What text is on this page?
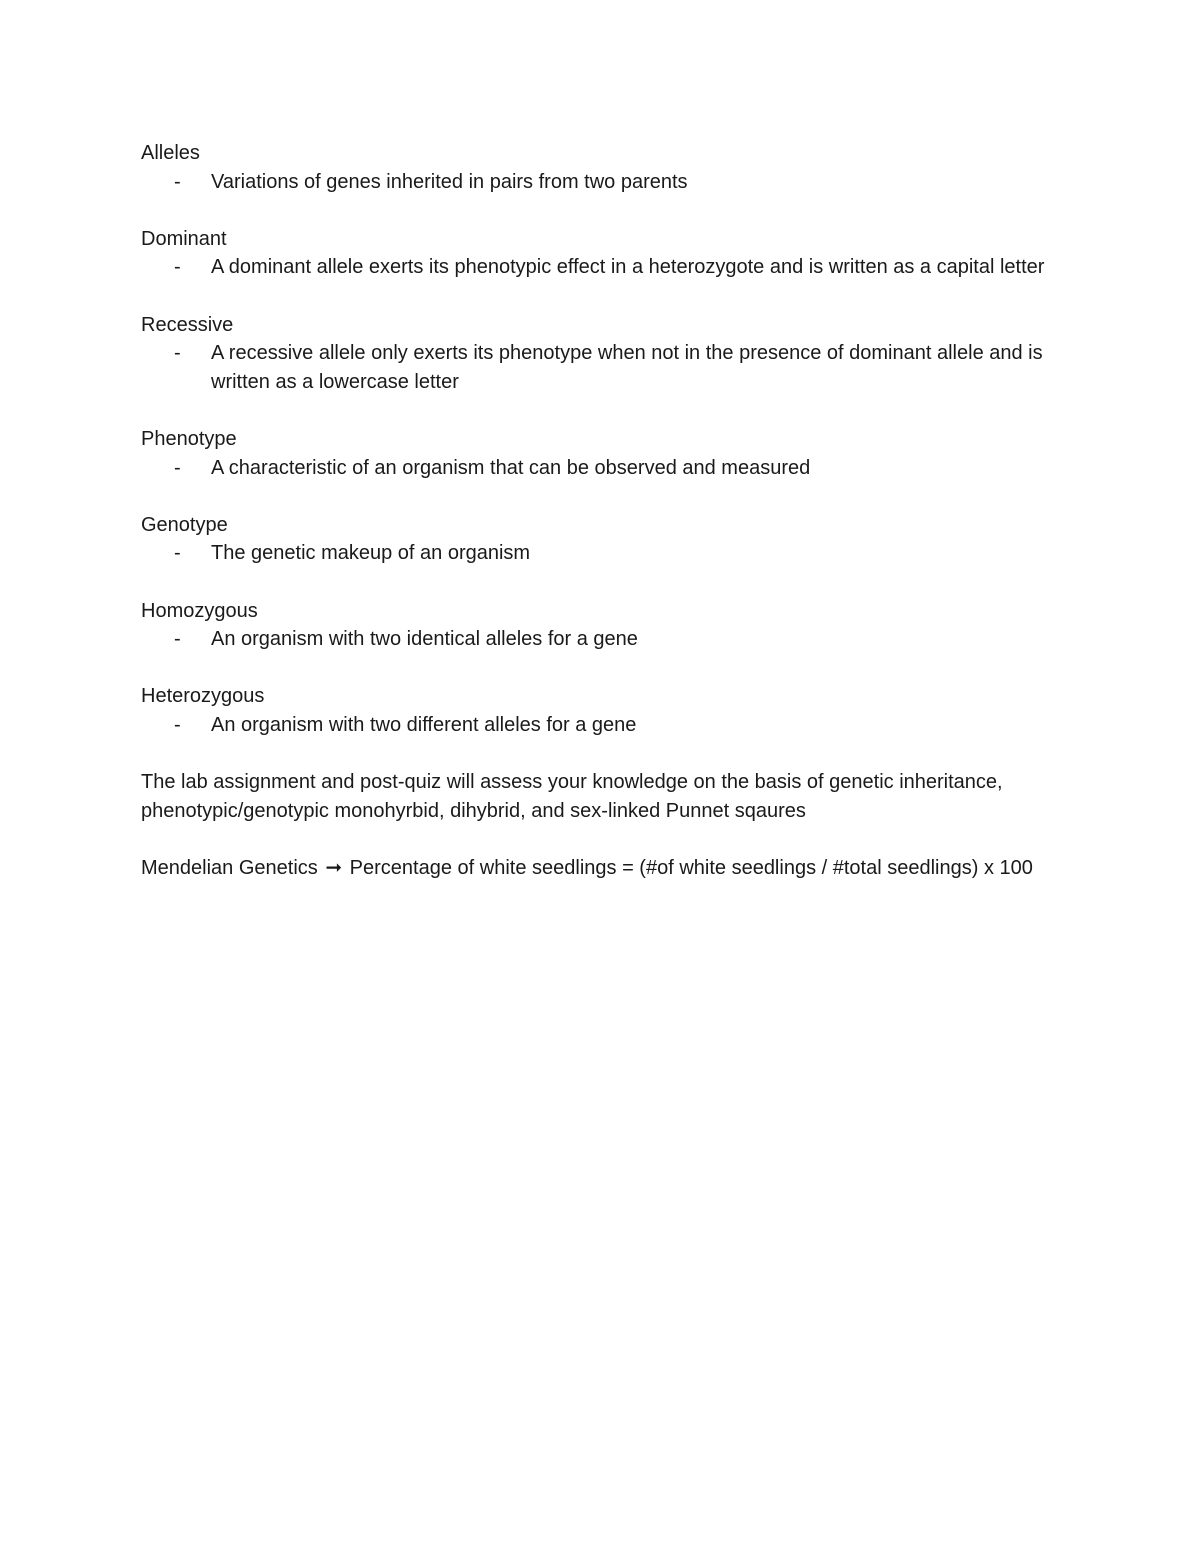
Alleles
- Variations of genes inherited in pairs from two parents
Dominant
- A dominant allele exerts its phenotypic effect in a heterozygote and is written as a capital letter
Recessive
- A recessive allele only exerts its phenotype when not in the presence of dominant allele and is written as a lowercase letter
Phenotype
- A characteristic of an organism that can be observed and measured
Genotype
- The genetic makeup of an organism
Homozygous
- An organism with two identical alleles for a gene
Heterozygous
- An organism with two different alleles for a gene

The lab assignment and post-quiz will assess your knowledge on the basis of genetic inheritance, phenotypic/genotypic monohyrbid, dihybrid, and sex-linked Punnet sqaures

Mendelian Genetics ➞ Percentage of white seedlings = (#of white seedlings / #total seedlings) x 100
